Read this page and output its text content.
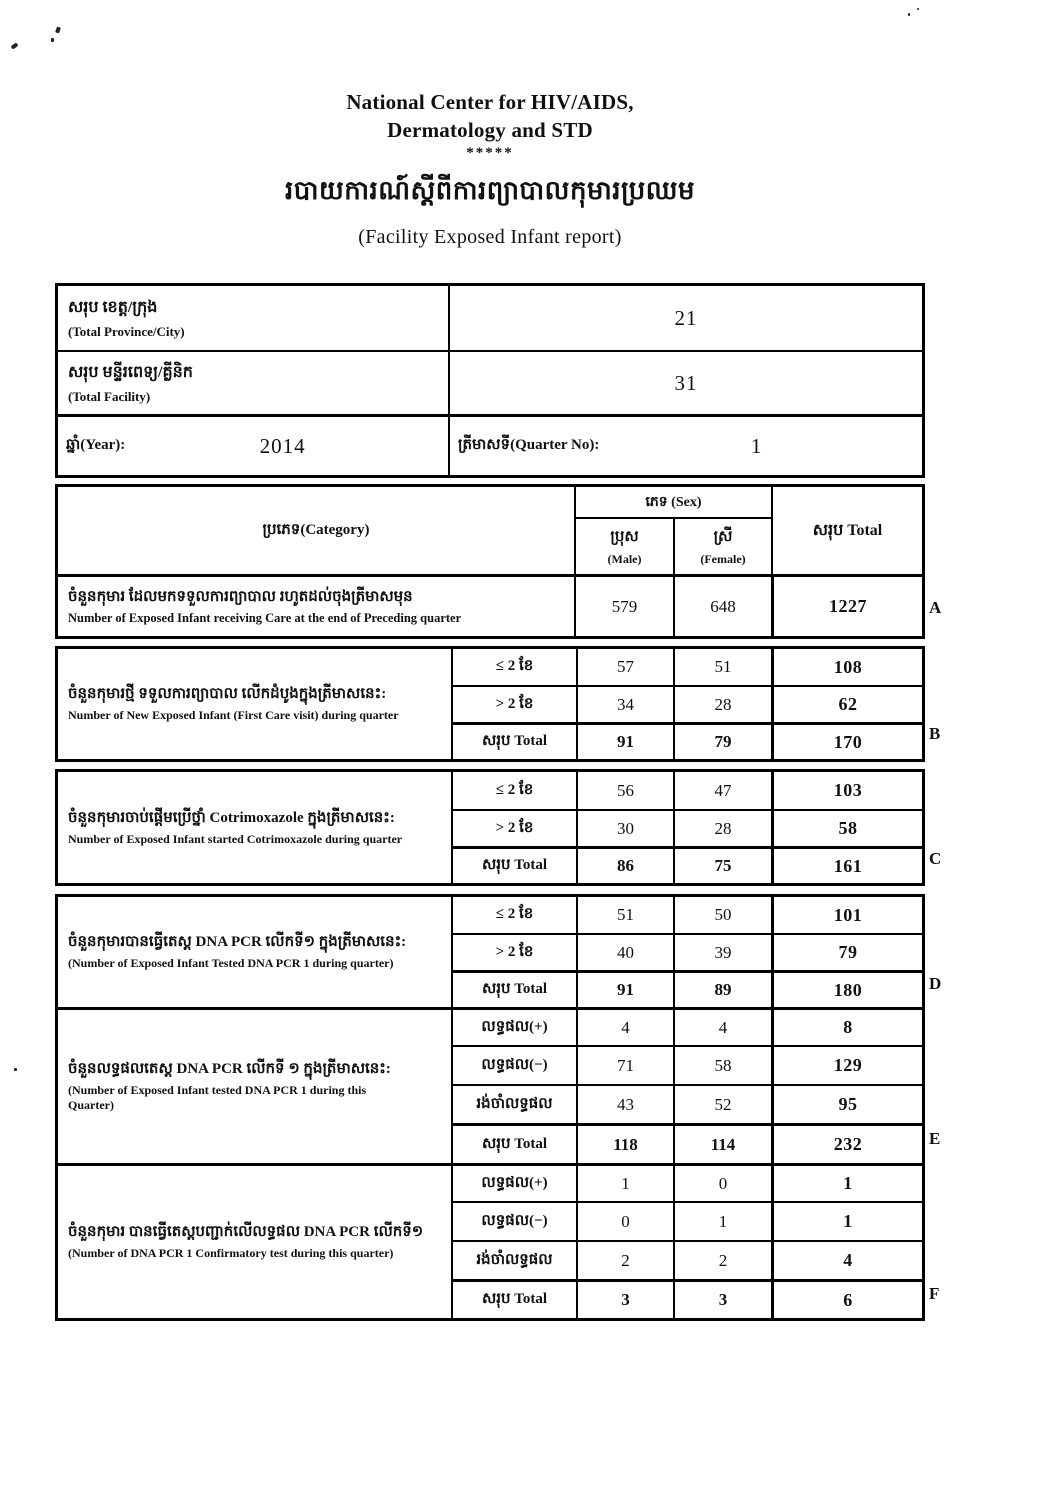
National Center for HIV/AIDS,
Dermatology and STD
*****
របាយការណ៍ស្ដីពីការព្យាបាលកុមារប្រឈម
(Facility Exposed Infant report)
សរុប ខេត្ត/ក្រុង
(Total Province/City)
21
សរុប មន្ទីរពេទ្យ/គ្លីនិក
(Total Facility)
31
ឆ្នាំ(Year):	2014	ត្រីមាសទី(Quarter No):	1
ប្រភេទ(Category)
ភេទ (Sex)
សរុប Total
ប្រុស
(Male)
ស្រី
(Female)
ចំនួនកុមារ ដែលមកទទួលការព្យាបាល រហូតដល់ចុងត្រីមាសមុន
Number of Exposed Infant receiving Care at the end of Preceding quarter
579	648	1227
ចំនួនកុមារថ្មី ទទួលការព្យាបាល លើកដំបូងក្នុងត្រីមាសនេះ:
Number of New Exposed Infant (First Care visit) during quarter
≤ 2 ខែ	57	51	108
> 2 ខែ	34	28	62
សរុប Total	91	79	170
ចំនួនកុមារចាប់ផ្ដើមប្រើថ្នាំ Cotrimoxazole ក្នុងត្រីមាសនេះ:
Number of Exposed Infant started Cotrimoxazole during quarter
≤ 2 ខែ	56	47	103
> 2 ខែ	30	28	58
សរុប Total	86	75	161
ចំនួនកុមារបានធ្វើតេស្ដ DNA PCR លើកទី១ ក្នុងត្រីមាសនេះ:
(Number of Exposed Infant Tested DNA PCR 1 during quarter)
≤ 2 ខែ	51	50	101
> 2 ខែ	40	39	79
សរុប Total	91	89	180
ចំនួនលទ្ធផលតេស្ដ DNA PCR លើកទី ១ ក្នុងត្រីមាសនេះ:
(Number of Exposed Infant tested DNA PCR 1 during this Quarter)
លទ្ធផល(+)	4	4	8
លទ្ធផល(−)	71	58	129
រង់ចាំលទ្ធផល	43	52	95
សរុប Total	118	114	232
ចំនួនកុមារ បានធ្វើតេស្ដបញ្ជាក់លើលទ្ធផល DNA PCR លើកទី១
(Number of DNA PCR 1 Confirmatory test during this quarter)
លទ្ធផល(+)	1	0	1
លទ្ធផល(−)	0	1	1
រង់ចាំលទ្ធផល	2	2	4
សរុប Total	3	3	6
A
B
C
D
E
F
